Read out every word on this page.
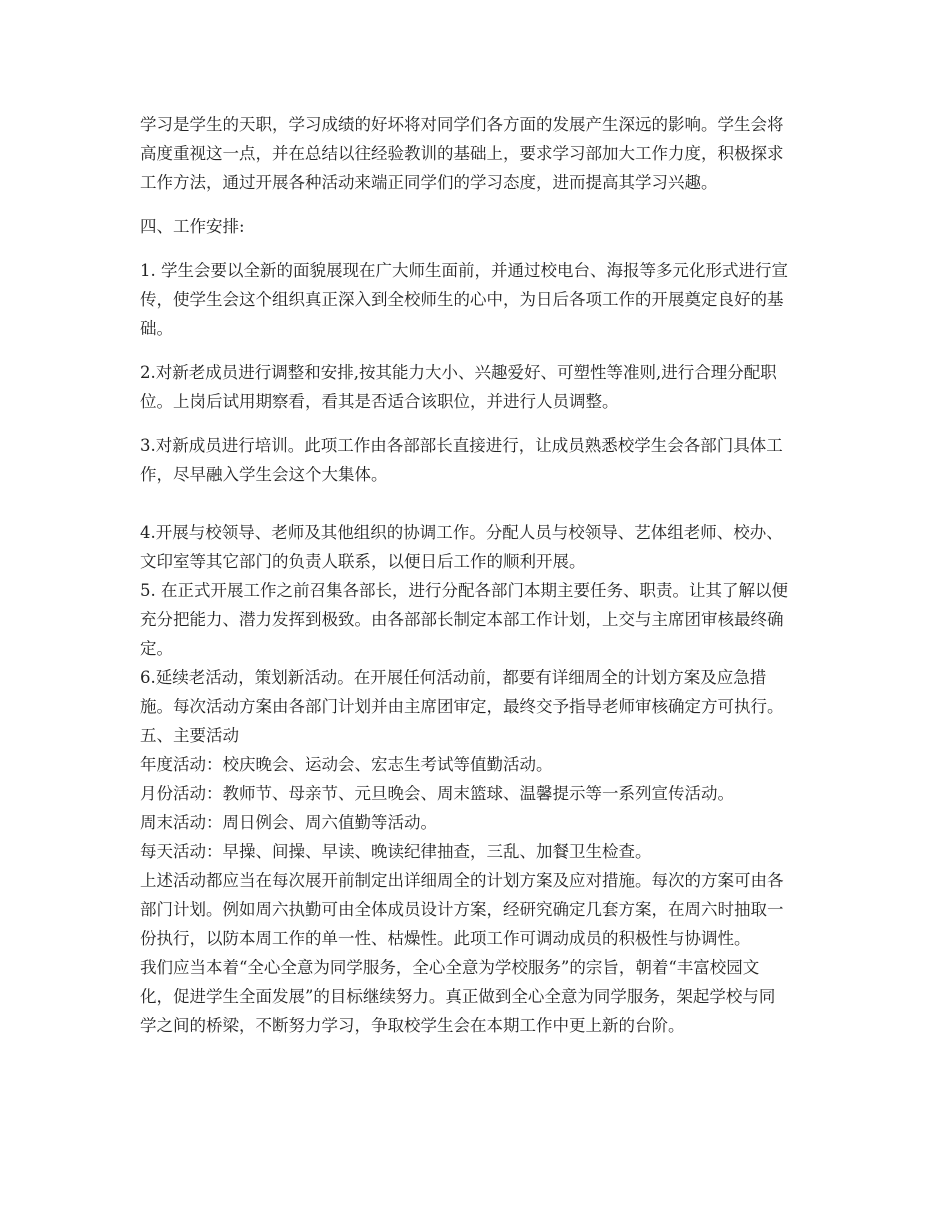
学习是学生的天职，学习成绩的好坏将对同学们各方面的发展产生深远的影响。学生会将
高度重视这一点，并在总结以往经验教训的基础上，要求学习部加大工作力度，积极探求
工作方法，通过开展各种活动来端正同学们的学习态度，进而提高其学习兴趣。
四、工作安排:
1. 学生会要以全新的面貌展现在广大师生面前，并通过校电台、海报等多元化形式进行宣
传，使学生会这个组织真正深入到全校师生的心中，为日后各项工作的开展奠定良好的基
础。
2.对新老成员进行调整和安排,按其能力大小、兴趣爱好、可塑性等准则,进行合理分配职
位。上岗后试用期察看，看其是否适合该职位，并进行人员调整。
3.对新成员进行培训。此项工作由各部部长直接进行，让成员熟悉校学生会各部门具体工
作，尽早融入学生会这个大集体。
4.开展与校领导、老师及其他组织的协调工作。分配人员与校领导、艺体组老师、校办、
文印室等其它部门的负责人联系，以便日后工作的顺利开展。
5. 在正式开展工作之前召集各部长，进行分配各部门本期主要任务、职责。让其了解以便
充分把能力、潜力发挥到极致。由各部部长制定本部工作计划，上交与主席团审核最终确
定。
6.延续老活动，策划新活动。在开展任何活动前，都要有详细周全的计划方案及应急措
施。每次活动方案由各部门计划并由主席团审定，最终交予指导老师审核确定方可执行。
五、主要活动
年度活动：校庆晚会、运动会、宏志生考试等值勤活动。
月份活动：教师节、母亲节、元旦晚会、周末篮球、温馨提示等一系列宣传活动。
周末活动：周日例会、周六值勤等活动。
每天活动：早操、间操、早读、晚读纪律抽查，三乱、加餐卫生检查。
上述活动都应当在每次展开前制定出详细周全的计划方案及应对措施。每次的方案可由各
部门计划。例如周六执勤可由全体成员设计方案，经研究确定几套方案，在周六时抽取一
份执行，以防本周工作的单一性、枯燥性。此项工作可调动成员的积极性与协调性。
我们应当本着“全心全意为同学服务，全心全意为学校服务”的宗旨，朝着“丰富校园文
化，促进学生全面发展”的目标继续努力。真正做到全心全意为同学服务，架起学校与同
学之间的桥梁，不断努力学习，争取校学生会在本期工作中更上新的台阶。
